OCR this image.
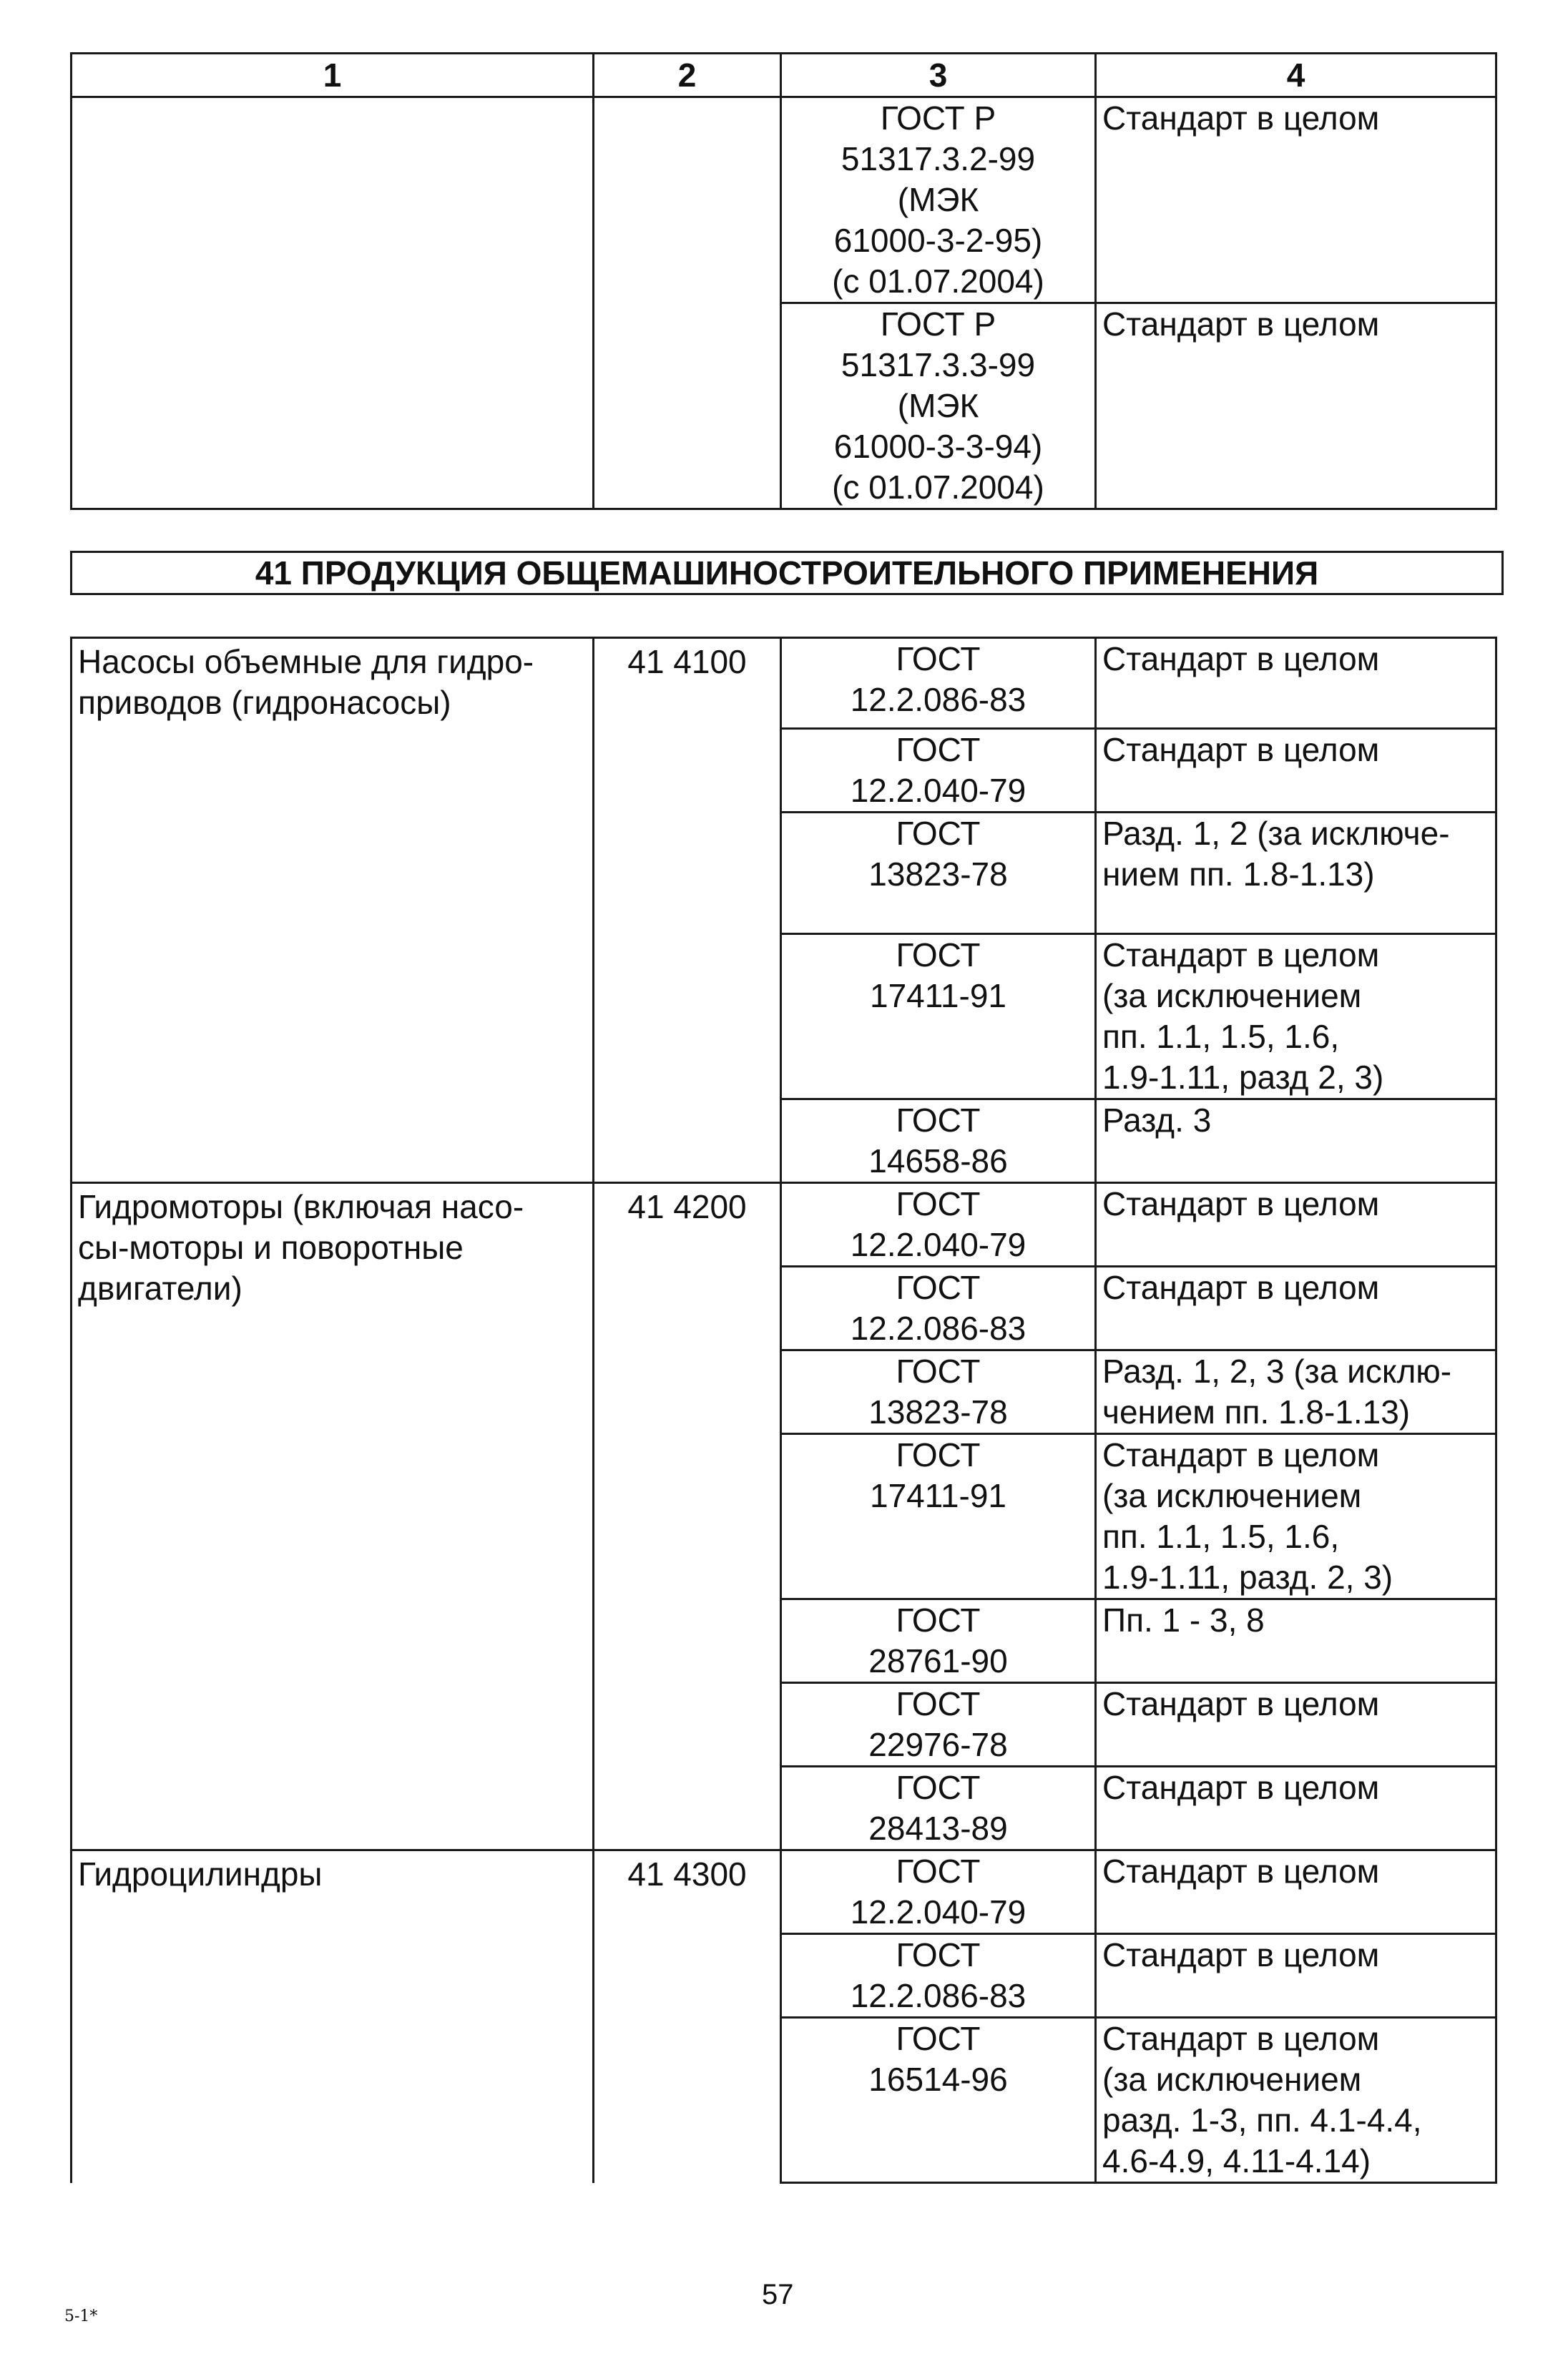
1	2	3	4

		ГОСТ Р
51317.3.2-99
(МЭК
61000-3-2-95)
(с 01.07.2004)	Стандарт в целом

		ГОСТ Р
51317.3.3-99
(МЭК
61000-3-3-94)
(с 01.07.2004)	Стандарт в целом
41 ПРОДУКЦИЯ ОБЩЕМАШИНОСТРОИТЕЛЬНОГО ПРИМЕНЕНИЯ
Насосы объемные для гидро-
приводов (гидронасосы)	41 4100	ГОСТ
12.2.086-83	Стандарт в целом

		ГОСТ
12.2.040-79	Стандарт в целом

		ГОСТ
13823-78	Разд. 1, 2 (за исключе-
нием пп. 1.8-1.13)

		ГОСТ
17411-91	Стандарт в целом
(за исключением
пп. 1.1, 1.5, 1.6,
1.9-1.11, разд 2, 3)

		ГОСТ
14658-86	Разд. 3

Гидромоторы (включая насо-
сы-моторы и поворотные
двигатели)	41 4200	ГОСТ
12.2.040-79	Стандарт в целом

		ГОСТ
12.2.086-83	Стандарт в целом

		ГОСТ
13823-78	Разд. 1, 2, 3 (за исклю-
чением пп. 1.8-1.13)

		ГОСТ
17411-91	Стандарт в целом
(за исключением
пп. 1.1, 1.5, 1.6,
1.9-1.11, разд. 2, 3)

		ГОСТ
28761-90	Пп. 1 - 3, 8

		ГОСТ
22976-78	Стандарт в целом

		ГОСТ
28413-89	Стандарт в целом

Гидроцилиндры	41 4300	ГОСТ
12.2.040-79	Стандарт в целом

		ГОСТ
12.2.086-83	Стандарт в целом

		ГОСТ
16514-96	Стандарт в целом
(за исключением
разд. 1-3, пп. 4.1-4.4,
4.6-4.9, 4.11-4.14)
57
5-1*
